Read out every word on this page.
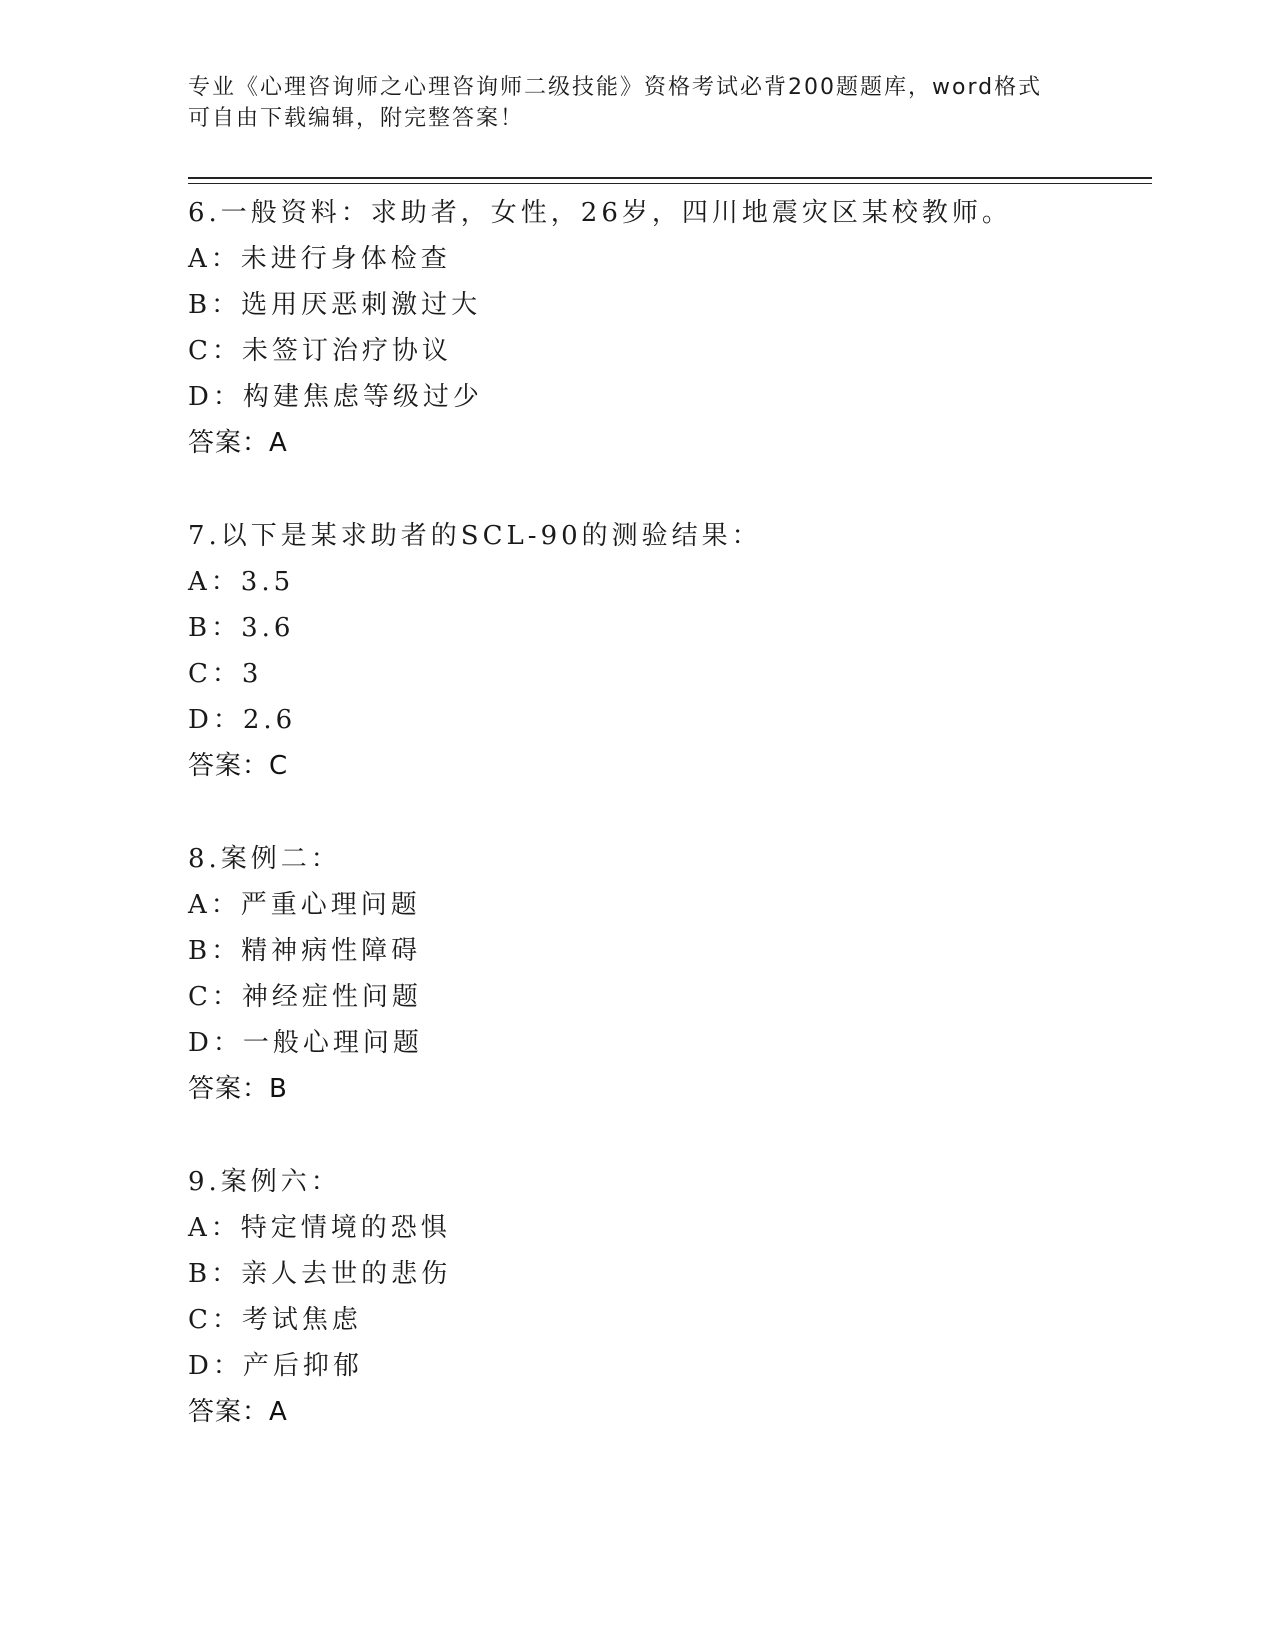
专业《心理咨询师之心理咨询师二级技能》资格考试必背200题题库，word格式
可自由下载编辑，附完整答案！
6.一般资料：求助者，女性，26岁，四川地震灾区某校教师。
A：未进行身体检查
B：选用厌恶刺激过大
C：未签订治疗协议
D：构建焦虑等级过少
答案：A
7.以下是某求助者的SCL-90的测验结果：
A：3.5
B：3.6
C：3
D：2.6
答案：C
8.案例二：
A：严重心理问题
B：精神病性障碍
C：神经症性问题
D：一般心理问题
答案：B
9.案例六：
A：特定情境的恐惧
B：亲人去世的悲伤
C：考试焦虑
D：产后抑郁
答案：A
